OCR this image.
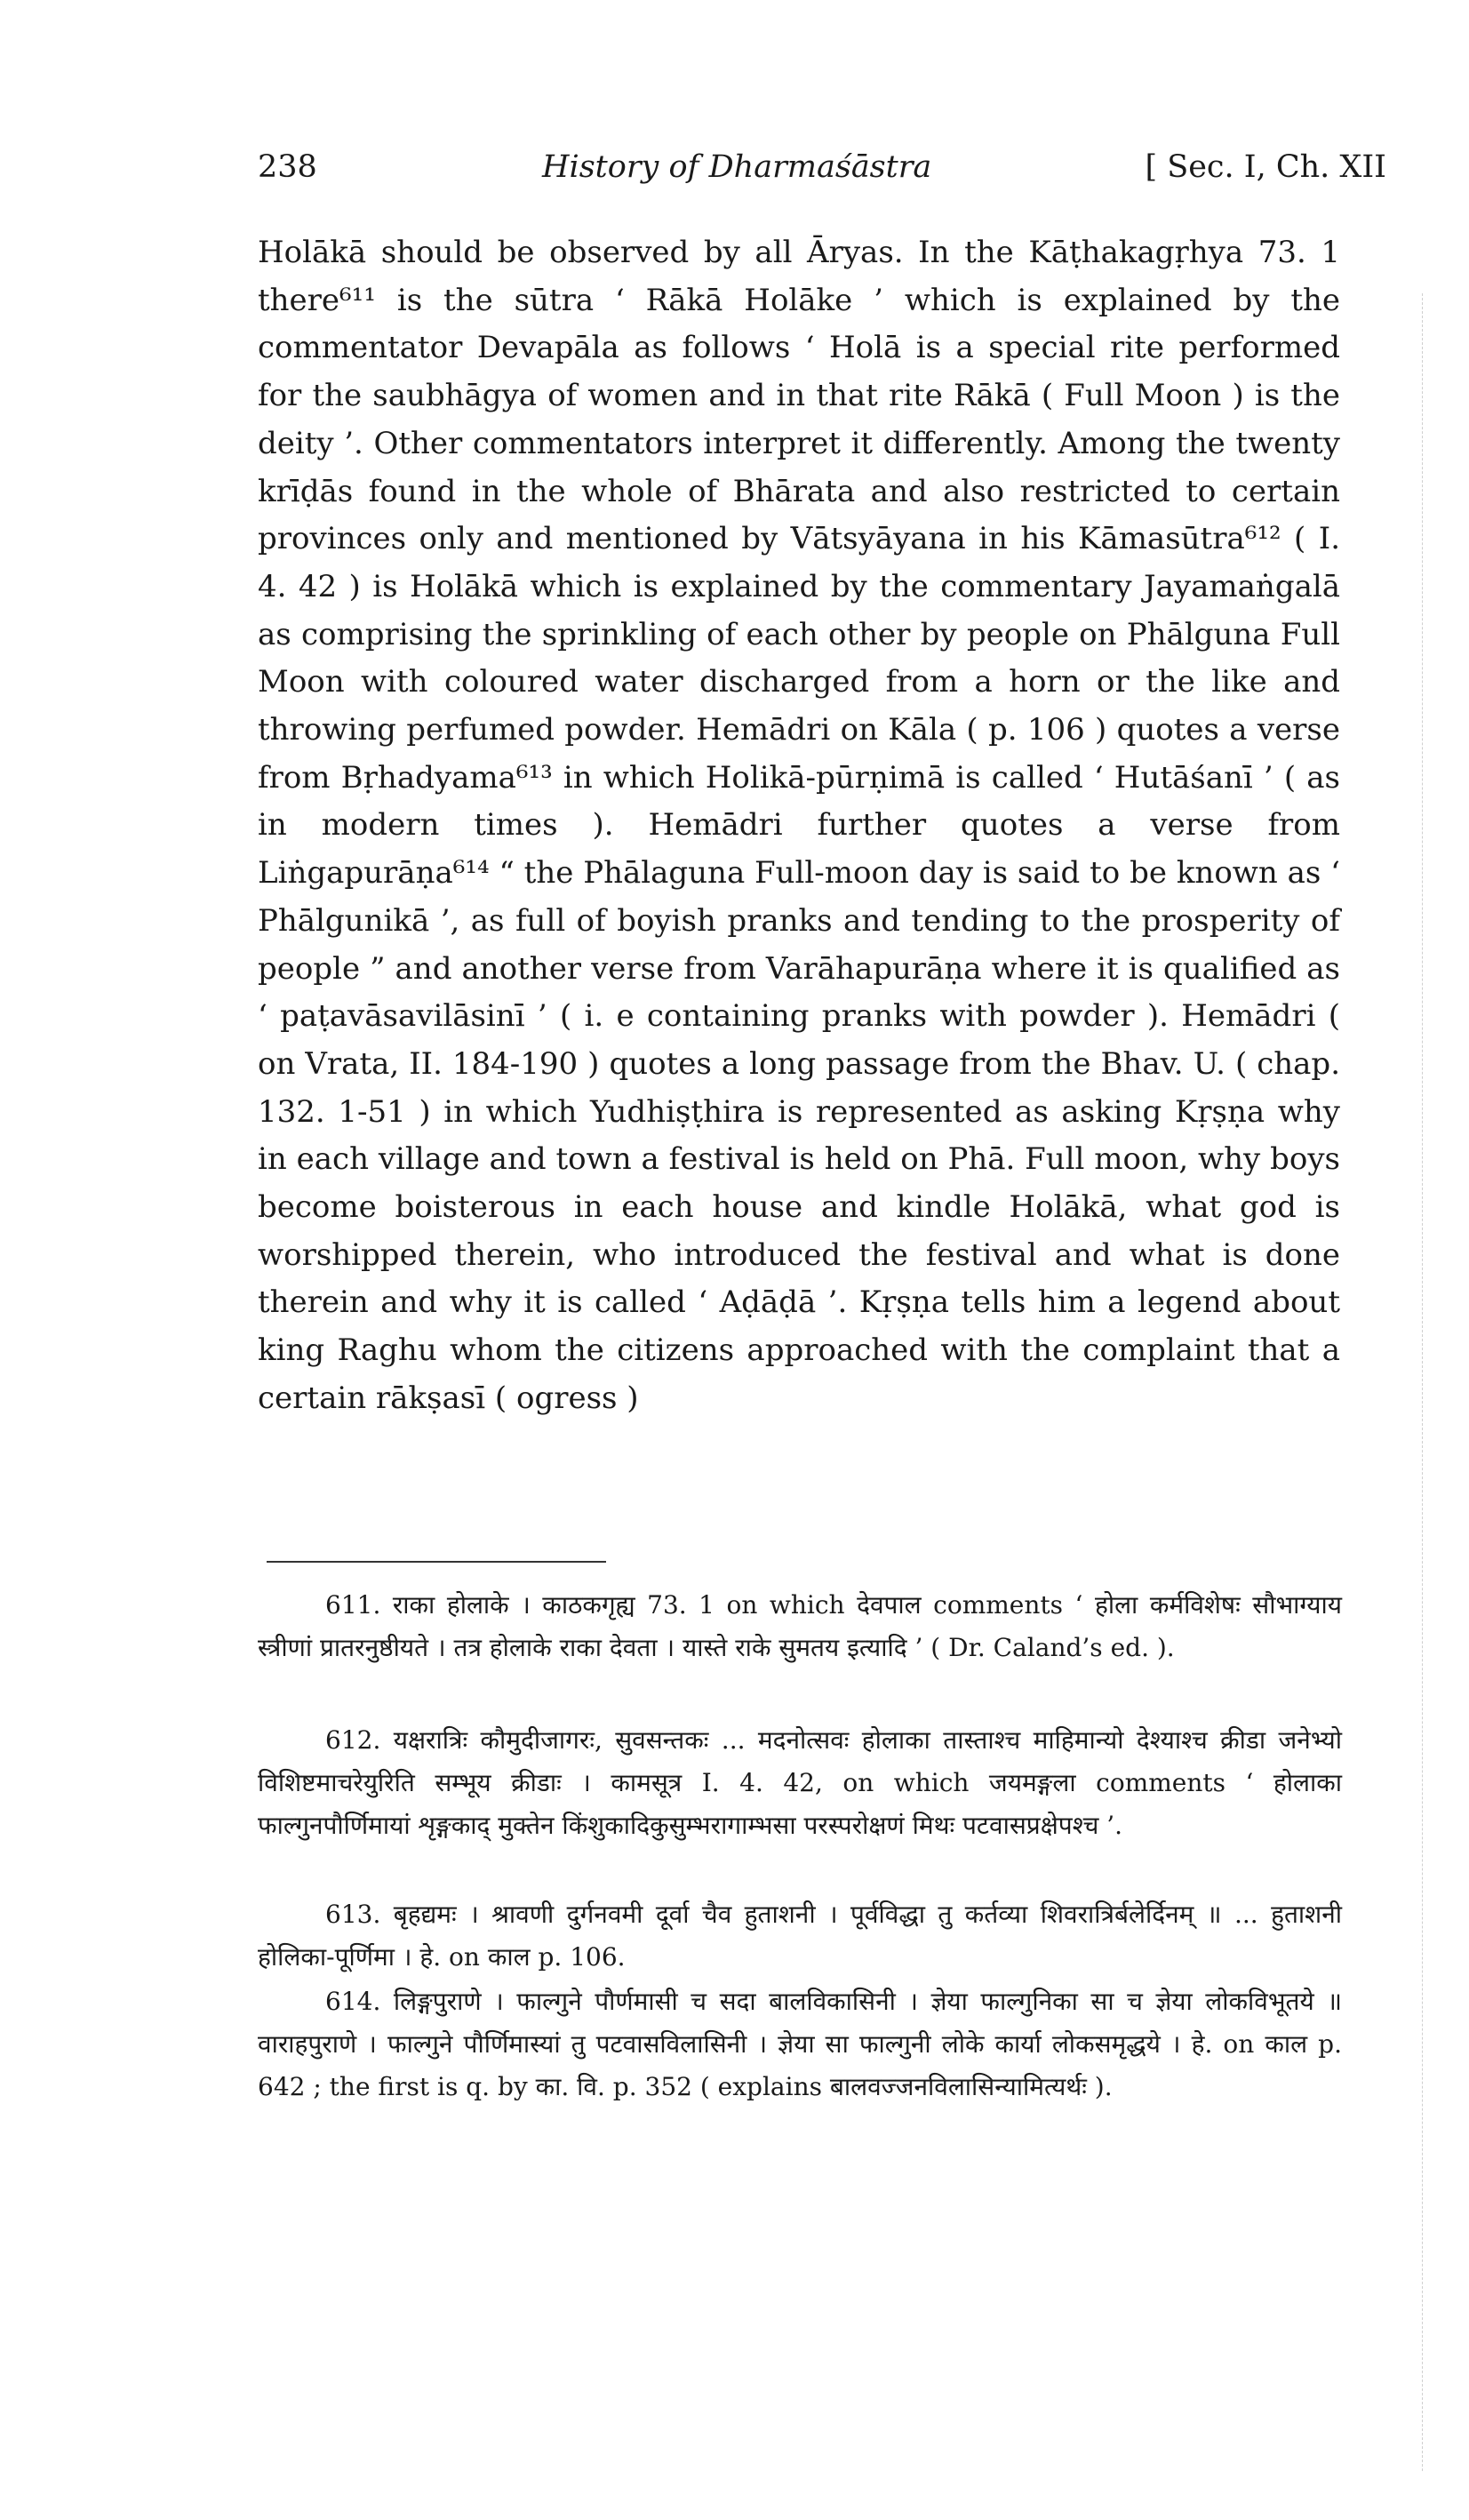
238	History of Dharmaśāstra	[ Sec. I, Ch. XII

Holākā should be observed by all Āryas. In the Kāṭhakagṛhya 73. 1 there⁶¹¹ is the sūtra ‘ Rākā Holāke ’ which is explained by the commentator Devapāla as follows ‘ Holā is a special rite performed for the saubhāgya of women and in that rite Rākā ( Full Moon ) is the deity ’. Other commentators interpret it differently. Among the twenty krīḍās found in the whole of Bhārata and also restricted to certain provinces only and mentioned by Vātsyāyana in his Kāmasūtra⁶¹² ( I. 4. 42 ) is Holākā which is explained by the commentary Jayamaṅgalā as comprising the sprinkling of each other by people on Phālguna Full Moon with coloured water discharged from a horn or the like and throwing perfumed powder. Hemādri on Kāla ( p. 106 ) quotes a verse from Bṛhadyama⁶¹³ in which Holikā-pūrṇimā is called ‘ Hutāśanī ’ ( as in modern times ). Hemādri further quotes a verse from Liṅgapurāṇa⁶¹⁴ “ the Phālaguna Full-moon day is said to be known as ‘ Phālgunikā ’, as full of boyish pranks and tending to the prosperity of people ” and another verse from Varāhapurāṇa where it is qualified as ‘ paṭavāsavilāsinī ’ ( i. e containing pranks with powder ). Hemādri ( on Vrata, II. 184-190 ) quotes a long passage from the Bhav. U. ( chap. 132. 1-51 ) in which Yudhiṣṭhira is represented as asking Kṛṣṇa why in each village and town a festival is held on Phā. Full moon, why boys become boisterous in each house and kindle Holākā, what god is worshipped therein, who introduced the festival and what is done therein and why it is called ‘ Aḍāḍā ’. Kṛṣṇa tells him a legend about king Raghu whom the citizens approached with the complaint that a certain rākṣasī ( ogress )

611. राका होलाके । काठकगृह्य 73. 1 on which देवपाल comments ‘ होला कर्मविशेषः सौभाग्याय स्त्रीणां प्रातरनुष्ठीयते । तत्र होलाके राका देवता । यास्ते राके सुमतय इत्यादि ’ ( Dr. Caland’s ed. ).

612. यक्षरात्रिः कौमुदीजागरः, सुवसन्तकः ... मदनोत्सवः होलाका तास्ताश्च माहिमान्यो देश्याश्च क्रीडा जनेभ्यो विशिष्टमाचरेयुरिति सम्भूय क्रीडाः । कामसूत्र I. 4. 42, on which जयमङ्गला comments ‘ होलाका फाल्गुनपौर्णिमायां शृङ्गकाद् मुक्तेन किंशुकादिकुसुम्भरागाम्भसा परस्परोक्षणं मिथः पटवासप्रक्षेपश्च ’.

613. बृहद्यमः । श्रावणी दुर्गनवमी दूर्वा चैव हुताशनी । पूर्वविद्धा तु कर्तव्या शिवरात्रिर्बलेर्दिनम् ॥ ... हुताशनी होलिका-पूर्णिमा । हे. on काल p. 106.

614. लिङ्गपुराणे । फाल्गुने पौर्णमासी च सदा बालविकासिनी । ज्ञेया फाल्गुनिका सा च ज्ञेया लोकविभूतये ॥ वाराहपुराणे । फाल्गुने पौर्णिमास्यां तु पटवासविलासिनी । ज्ञेया सा फाल्गुनी लोके कार्या लोकसमृद्धये । हे. on काल p. 642 ; the first is q. by का. वि. p. 352 ( explains बालवज्जनविलासिन्यामित्यर्थः ).
